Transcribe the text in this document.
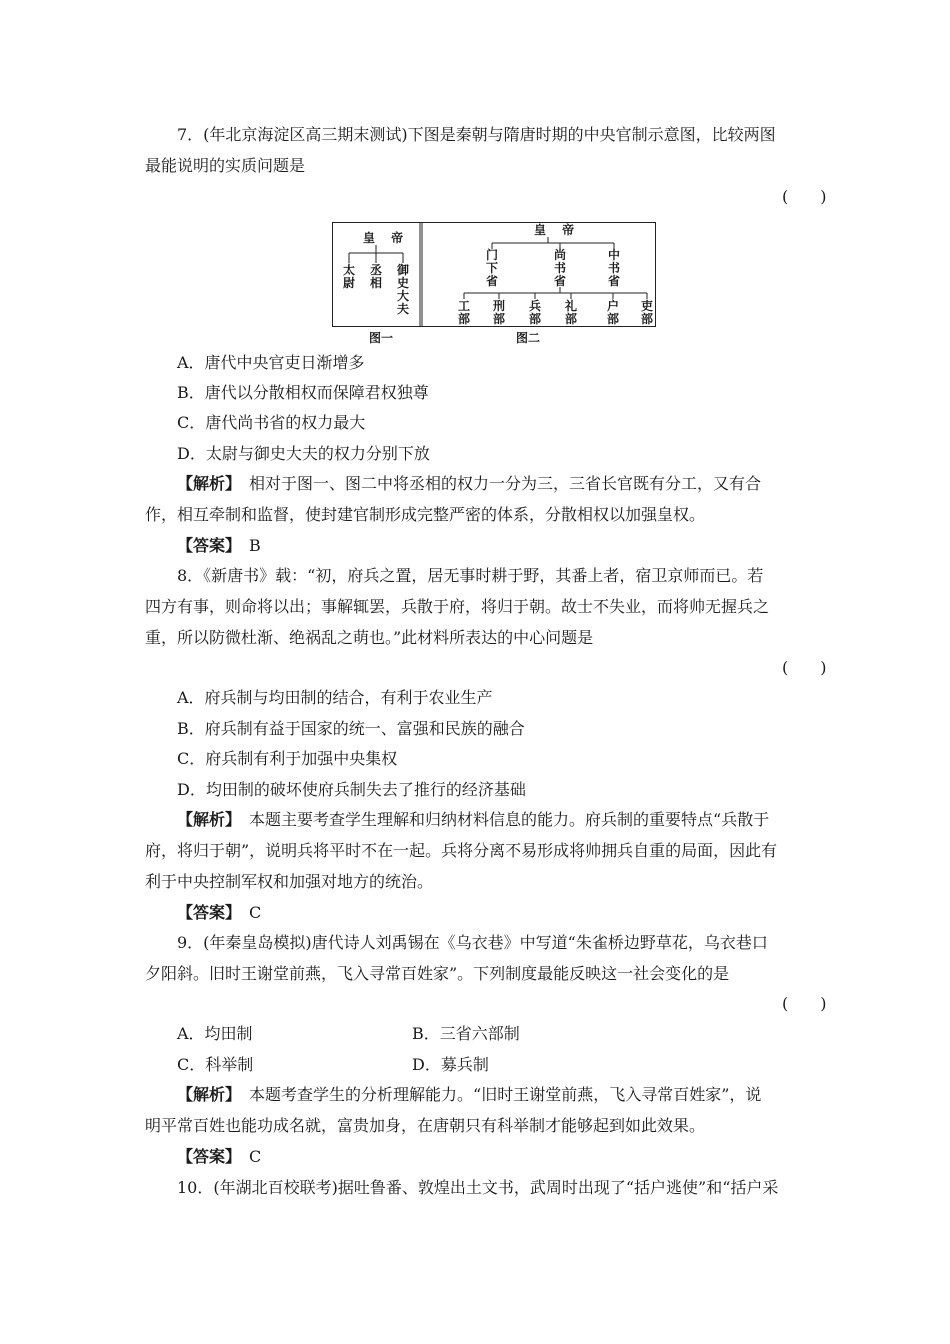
7．(年北京海淀区高三期末测试)下图是秦朝与隋唐时期的中央官制示意图，比较两图
最能说明的实质问题是
(　　)
皇 帝
太尉
丞相
御史大夫
皇 帝
门下省
尚书省
中书省
工部
刑部
兵部
礼部
户部
吏部
图一	图二
A．唐代中央官吏日渐增多
B．唐代以分散相权而保障君权独尊
C．唐代尚书省的权力最大
D．太尉与御史大夫的权力分别下放
【解析】　相对于图一、图二中将丞相的权力一分为三，三省长官既有分工，又有合
作，相互牵制和监督，使封建官制形成完整严密的体系，分散相权以加强皇权。
【答案】　B
8．《新唐书》载：“初，府兵之置，居无事时耕于野，其番上者，宿卫京师而已。若
四方有事，则命将以出；事解辄罢，兵散于府，将归于朝。故士不失业，而将帅无握兵之
重，所以防微杜渐、绝祸乱之萌也。”此材料所表达的中心问题是
(　　)
A．府兵制与均田制的结合，有利于农业生产
B．府兵制有益于国家的统一、富强和民族的融合
C．府兵制有利于加强中央集权
D．均田制的破坏使府兵制失去了推行的经济基础
【解析】　本题主要考查学生理解和归纳材料信息的能力。府兵制的重要特点“兵散于
府，将归于朝”，说明兵将平时不在一起。兵将分离不易形成将帅拥兵自重的局面，因此有
利于中央控制军权和加强对地方的统治。
【答案】　C
9．(年秦皇岛模拟)唐代诗人刘禹锡在《乌衣巷》中写道“朱雀桥边野草花，乌衣巷口
夕阳斜。旧时王谢堂前燕，飞入寻常百姓家”。下列制度最能反映这一社会变化的是
(　　)
A．均田制	B．三省六部制
C．科举制	D．募兵制
【解析】　本题考查学生的分析理解能力。“旧时王谢堂前燕，飞入寻常百姓家”，说
明平常百姓也能功成名就，富贵加身，在唐朝只有科举制才能够起到如此效果。
【答案】　C
10．(年湖北百校联考)据吐鲁番、敦煌出土文书，武周时出现了“括户逃使”和“括户采
